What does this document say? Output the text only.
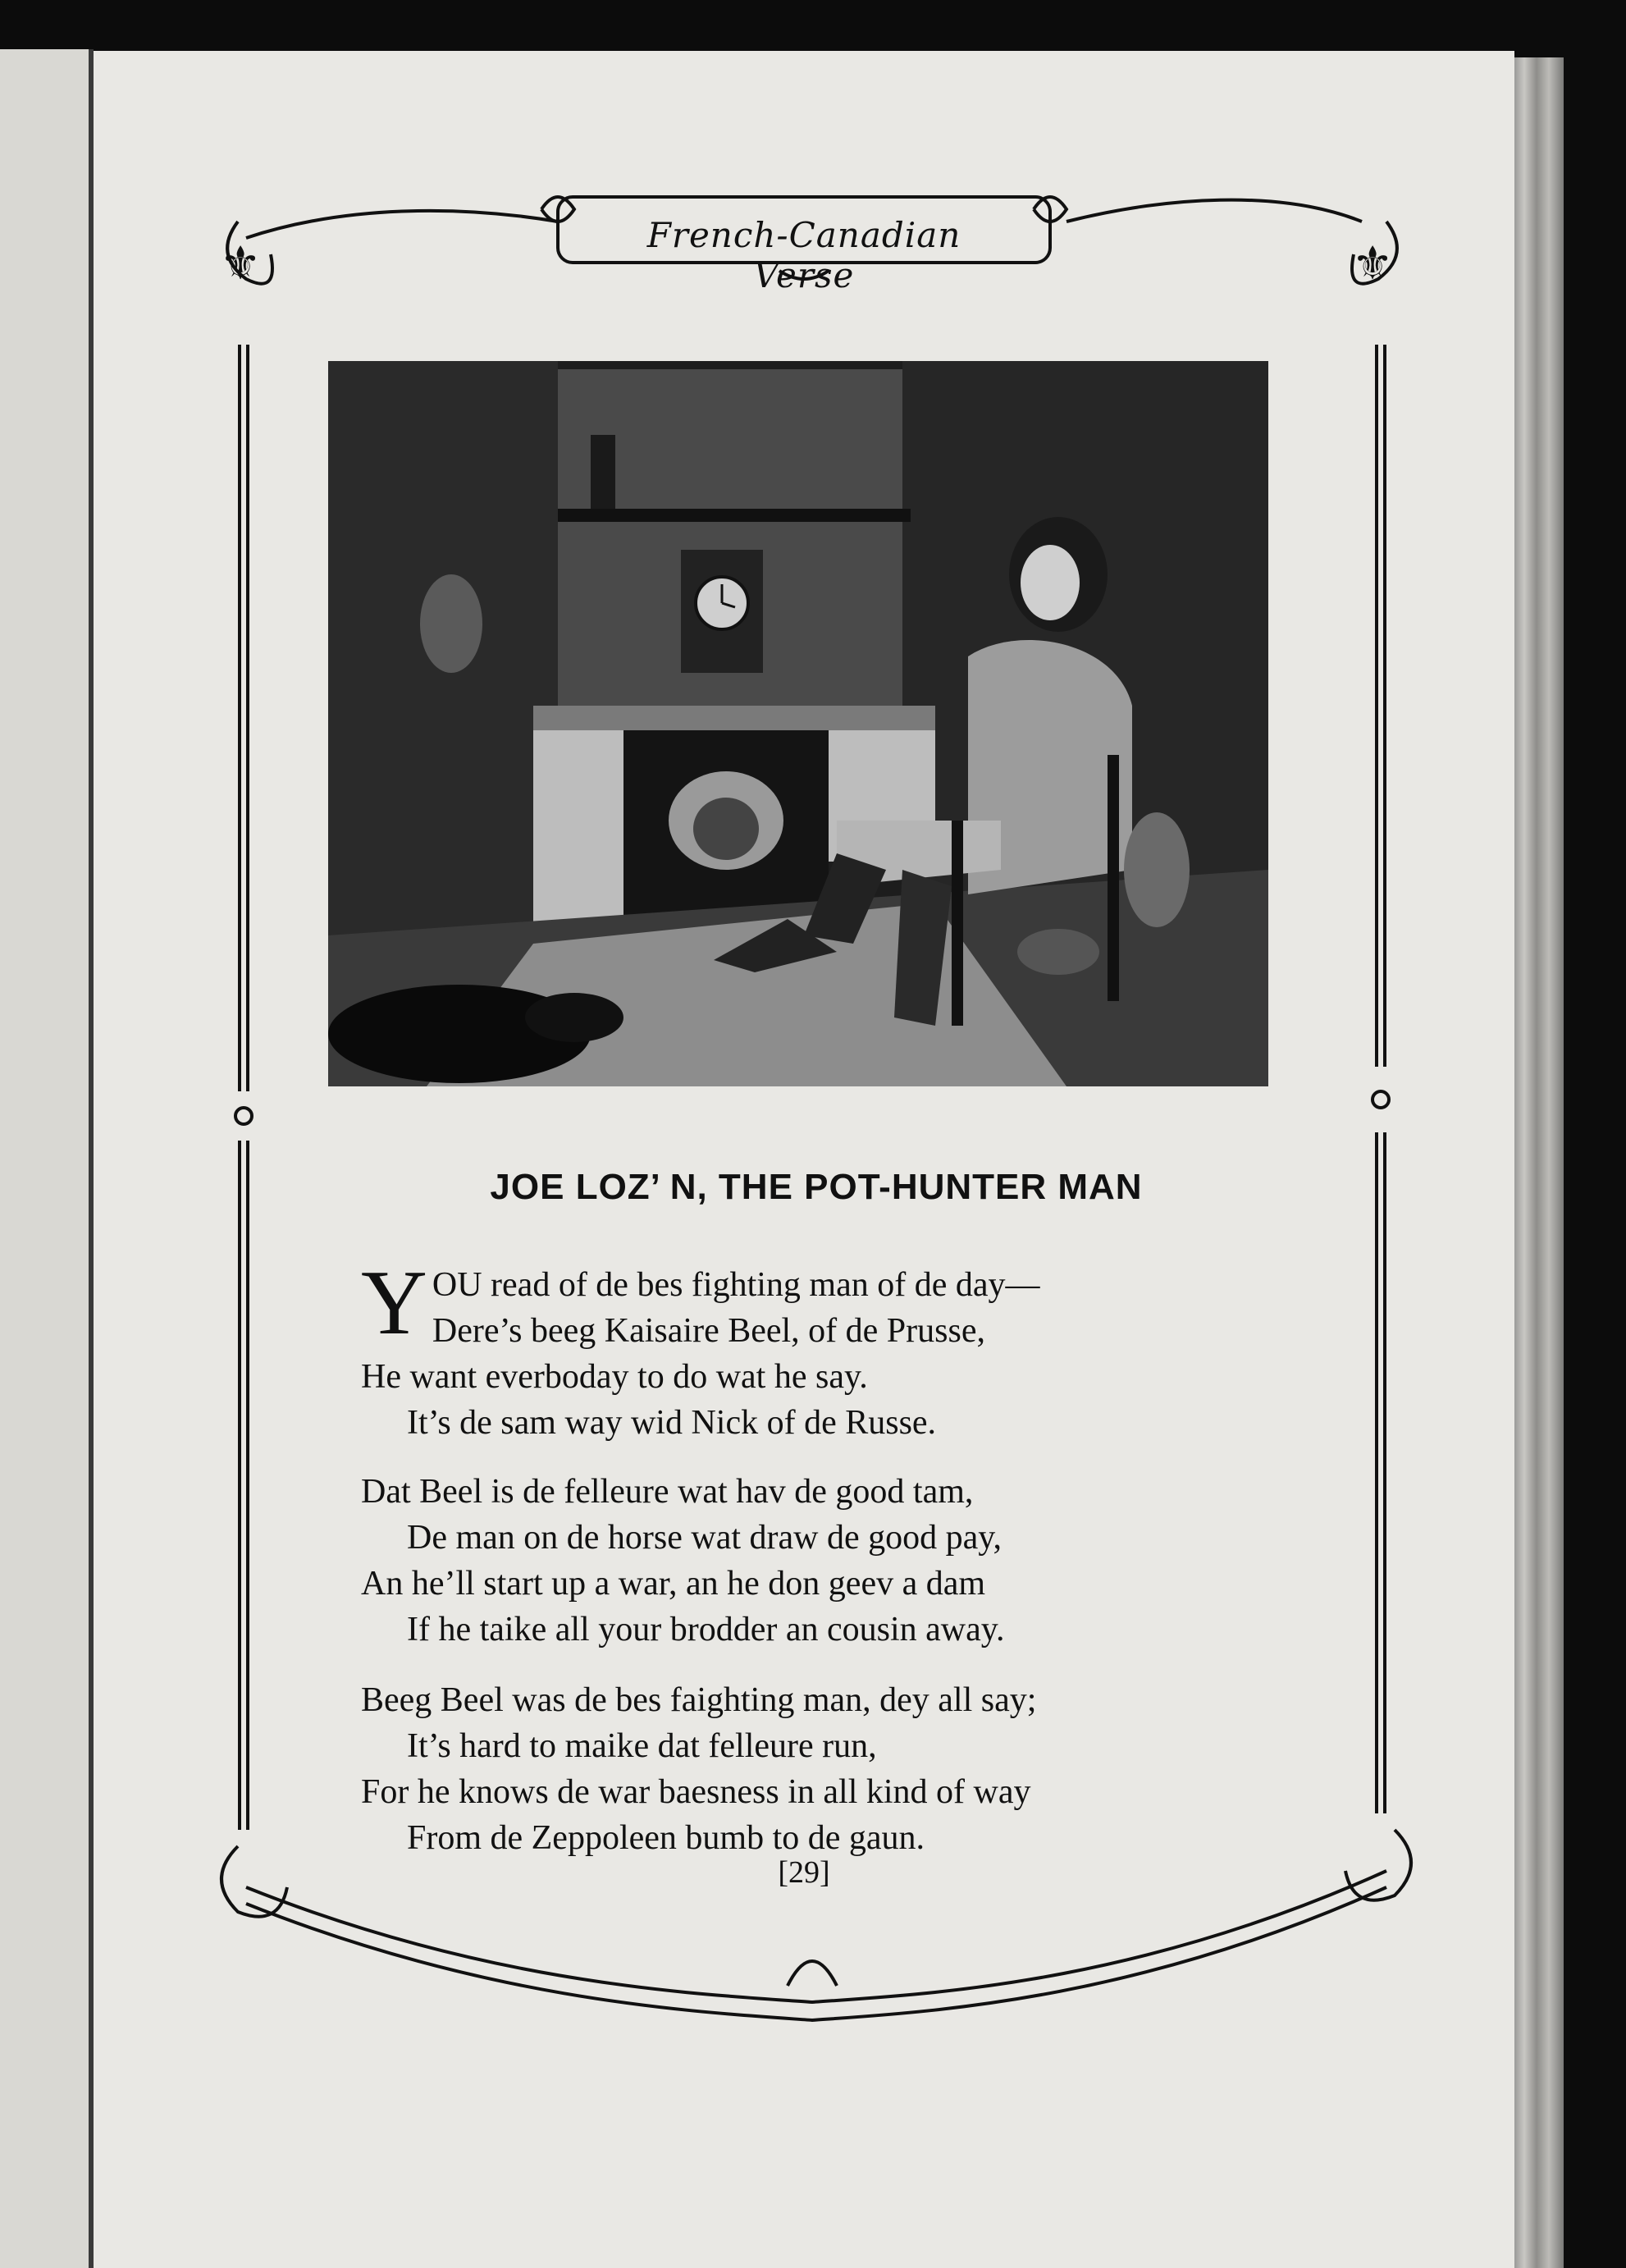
⚜	⚜
French-Canadian Verse
JOE LOZ’ N, THE POT-HUNTER MAN
Y OU read of de bes fighting man of de day—
Dere’s beeg Kaisaire Beel, of de Prusse,
He want everboday to do wat he say.
It’s de sam way wid Nick of de Russe.
Dat Beel is de felleure wat hav de good tam,
De man on de horse wat draw de good pay,
An he’ll start up a war, an he don geev a dam
If he taike all your brodder an cousin away.
Beeg Beel was de bes faighting man, dey all say;
It’s hard to maike dat felleure run,
For he knows de war baesness in all kind of way
From de Zeppoleen bumb to de gaun.
[29]
